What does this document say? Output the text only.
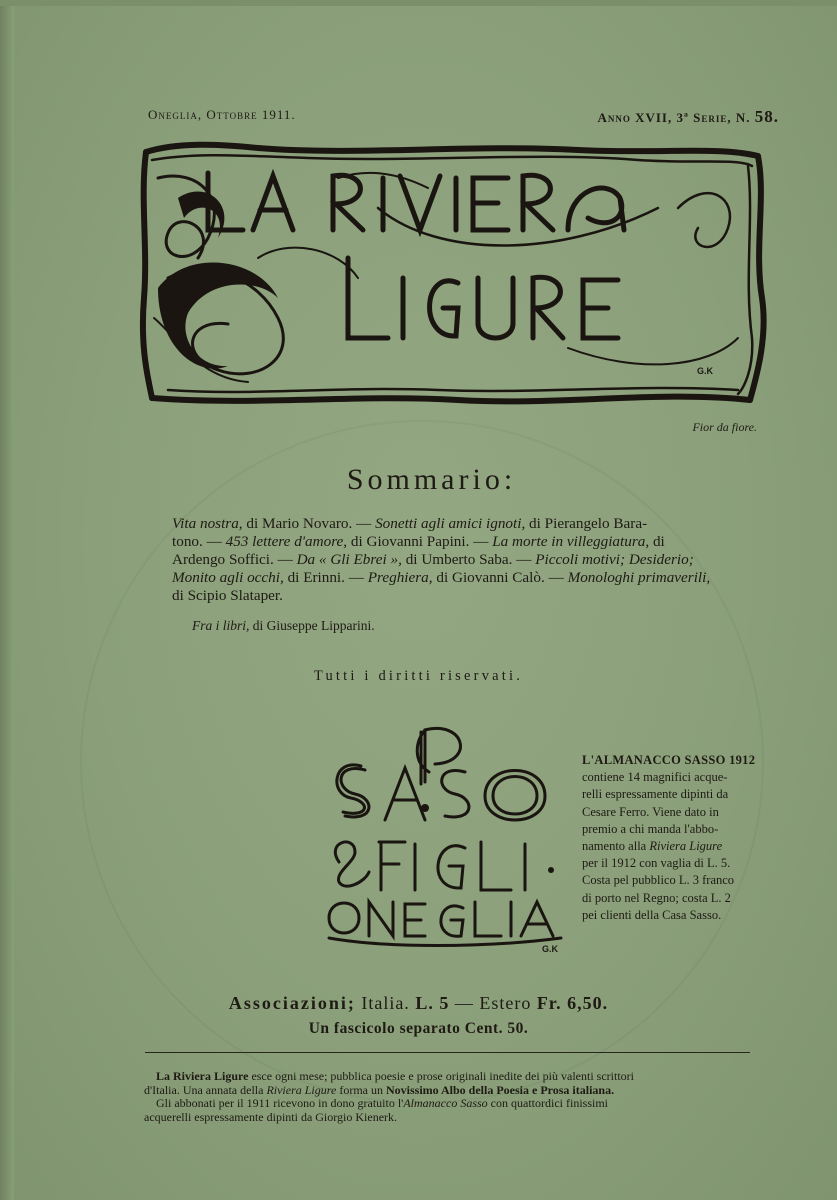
Oneglia, Ottobre 1911.	Anno XVII, 3ª Serie, N. 58.
G.K
Fior da fiore.
Sommario:
Vita nostra, di Mario Novaro. — Sonetti agli amici ignoti, di Pierangelo Bara-
tono. — 453 lettere d'amore, di Giovanni Papini. — La morte in villeggiatura, di
Ardengo Soffici. — Da « Gli Ebrei », di Umberto Saba. — Piccoli motivi; Desiderio;
Monito agli occhi, di Erinni. — Preghiera, di Giovanni Calò. — Monologhi primaverili,
di Scipio Slataper.
Fra i libri, di Giuseppe Lipparini.
Tutti i diritti riservati.
G.K
L'ALMANACCO SASSO 1912
contiene 14 magnifici acque-
relli espressamente dipinti da
Cesare Ferro. Viene dato in
premio a chi manda l'abbo-
namento alla Riviera Ligure
per il 1912 con vaglia di L. 5.
Costa pel pubblico L. 3 franco
di porto nel Regno; costa L. 2
pei clienti della Casa Sasso.
Associazioni; Italia. L. 5 — Estero Fr. 6,50.
Un fascicolo separato Cent. 50.
La Riviera Ligure esce ogni mese; pubblica poesie e prose originali inedite dei più valenti scrittori
d'Italia. Una annata della Riviera Ligure forma un Novissimo Albo della Poesia e Prosa italiana.
Gli abbonati per il 1911 ricevono in dono gratuito l'Almanacco Sasso con quattordici finissimi
acquerelli espressamente dipinti da Giorgio Kienerk.
